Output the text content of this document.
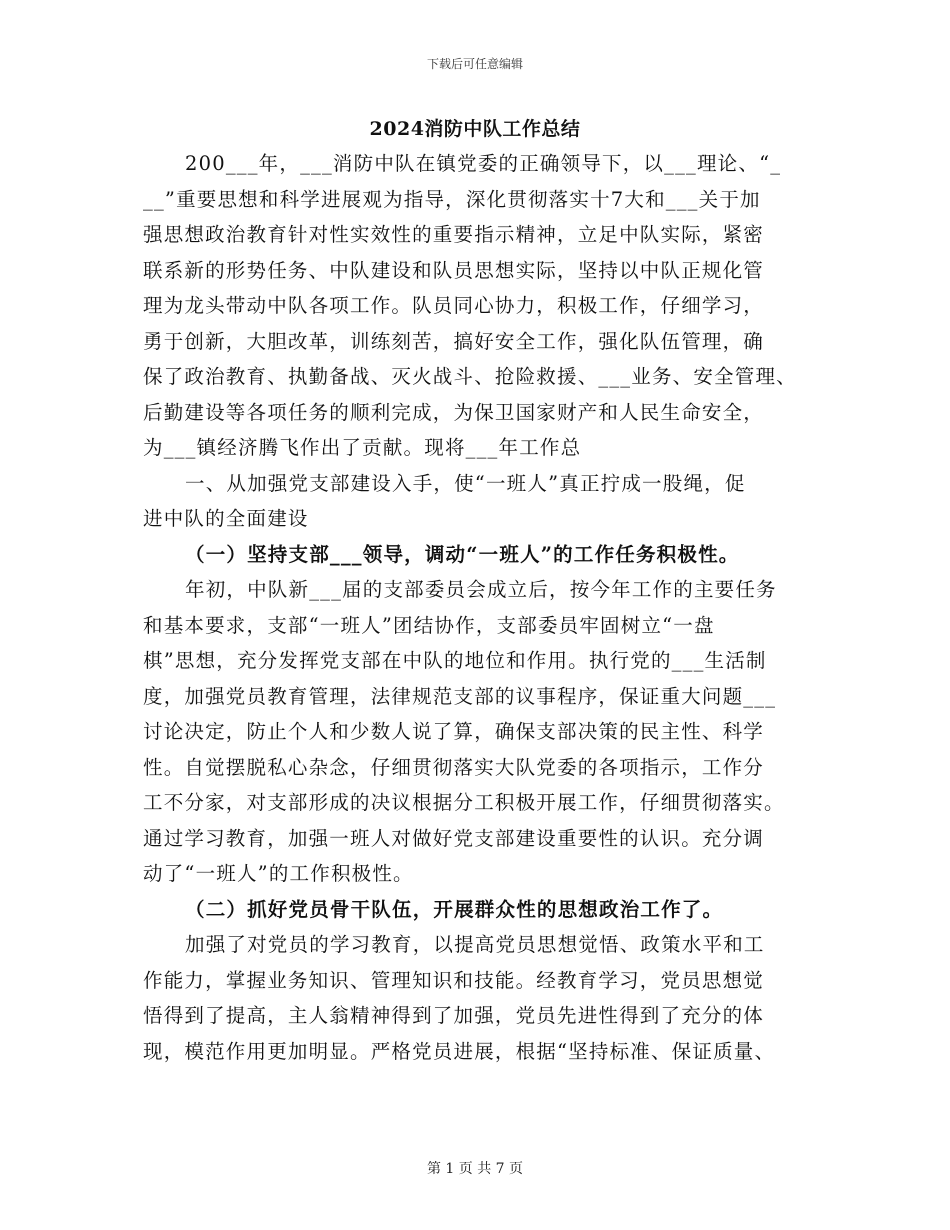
下载后可任意编辑
2024消防中队工作总结
200___年，___消防中队在镇党委的正确领导下，以___理论、“_
__”重要思想和科学进展观为指导，深化贯彻落实十7大和___关于加
强思想政治教育针对性实效性的重要指示精神，立足中队实际，紧密
联系新的形势任务、中队建设和队员思想实际，坚持以中队正规化管
理为龙头带动中队各项工作。队员同心协力，积极工作，仔细学习，
勇于创新，大胆改革，训练刻苦，搞好安全工作，强化队伍管理，确
保了政治教育、执勤备战、灭火战斗、抢险救援、___业务、安全管理、
后勤建设等各项任务的顺利完成，为保卫国家财产和人民生命安全，
为___镇经济腾飞作出了贡献。现将___年工作总
一、从加强党支部建设入手，使“一班人”真正拧成一股绳，促
进中队的全面建设
（一）坚持支部___领导，调动“一班人”的工作任务积极性。
年初，中队新___届的支部委员会成立后，按今年工作的主要任务
和基本要求，支部“一班人”团结协作，支部委员牢固树立“一盘
棋”思想，充分发挥党支部在中队的地位和作用。执行党的___生活制
度，加强党员教育管理，法律规范支部的议事程序，保证重大问题___
讨论决定，防止个人和少数人说了算，确保支部决策的民主性、科学
性。自觉摆脱私心杂念，仔细贯彻落实大队党委的各项指示，工作分
工不分家，对支部形成的决议根据分工积极开展工作，仔细贯彻落实。
通过学习教育，加强一班人对做好党支部建设重要性的认识。充分调
动了“一班人”的工作积极性。
（二）抓好党员骨干队伍，开展群众性的思想政治工作了。
加强了对党员的学习教育，以提高党员思想觉悟、政策水平和工
作能力，掌握业务知识、管理知识和技能。经教育学习，党员思想觉
悟得到了提高，主人翁精神得到了加强，党员先进性得到了充分的体
现，模范作用更加明显。严格党员进展，根据“坚持标准、保证质量、
第 1 页 共 7 页
